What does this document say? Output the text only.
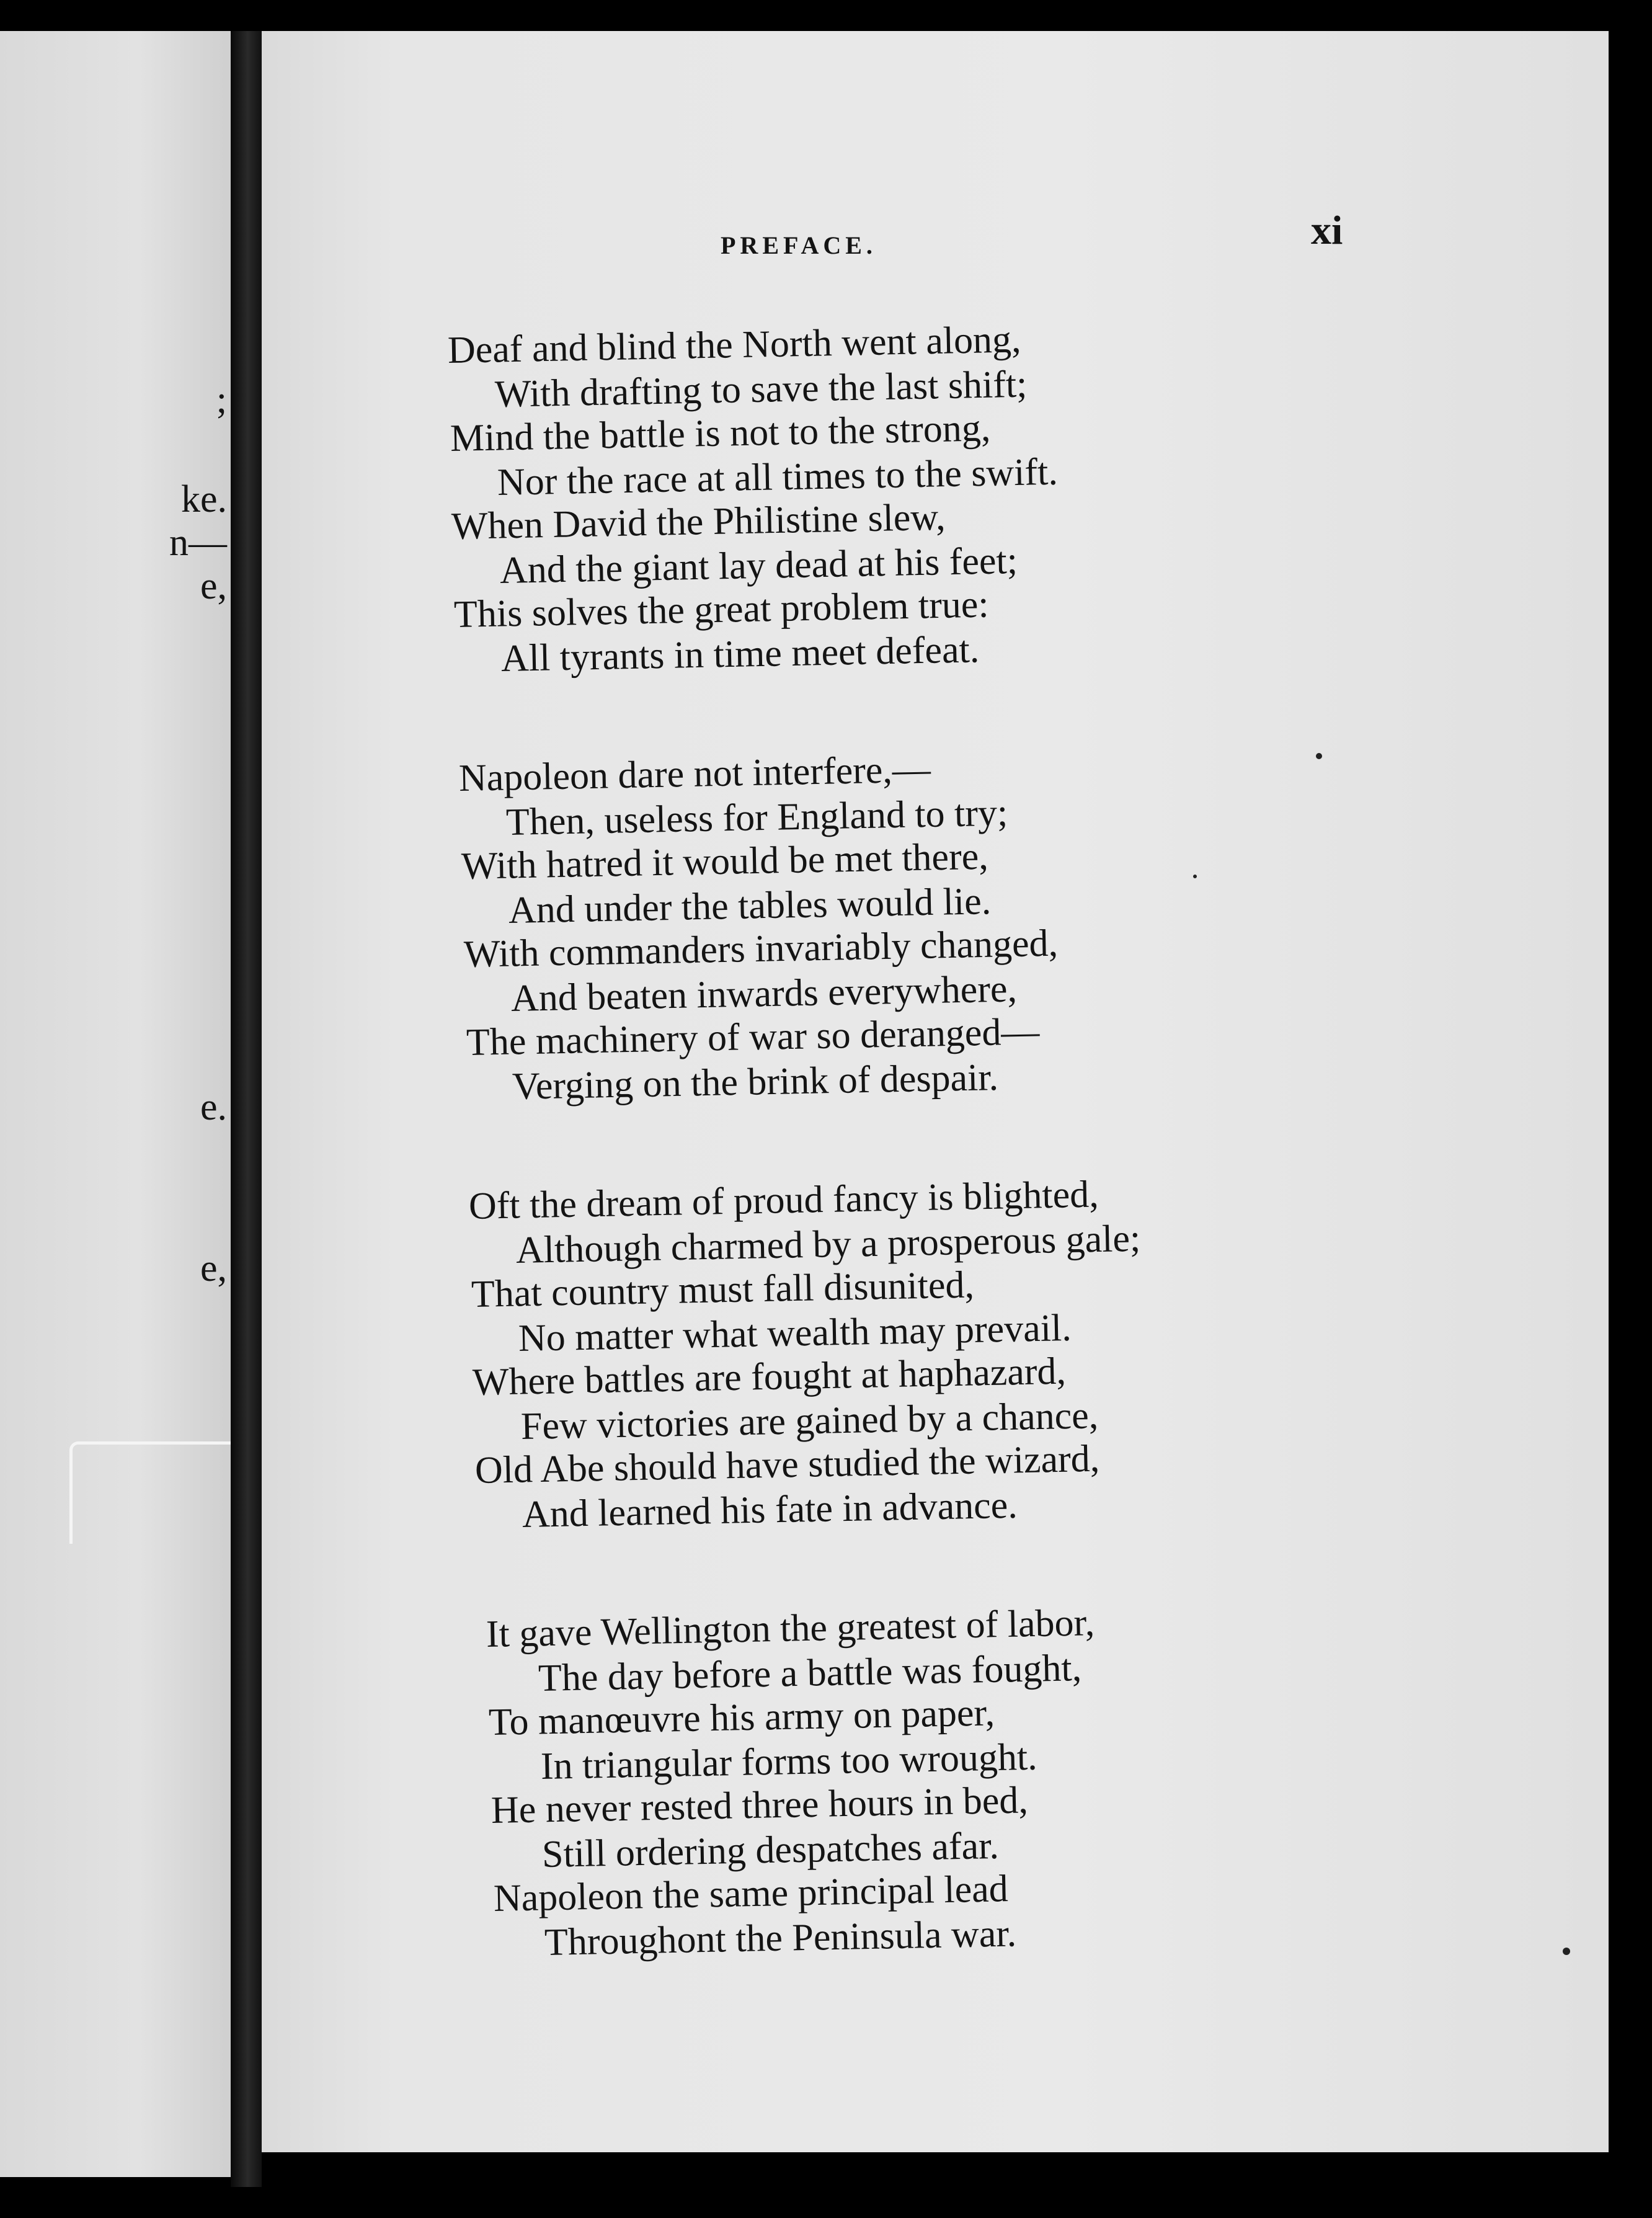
;
ke.
n—
e,
e.
e,
PREFACE.	xi
Deaf and blind the North went along,
With drafting to save the last shift;
Mind the battle is not to the strong,
Nor the race at all times to the swift.
When David the Philistine slew,
And the giant lay dead at his feet;
This solves the great problem true:
All tyrants in time meet defeat.
Napoleon dare not interfere,—
Then, useless for England to try;
With hatred it would be met there,
And under the tables would lie.
With commanders invariably changed,
And beaten inwards everywhere,
The machinery of war so deranged—
Verging on the brink of despair.
Oft the dream of proud fancy is blighted,
Although charmed by a prosperous gale;
That country must fall disunited,
No matter what wealth may prevail.
Where battles are fought at haphazard,
Few victories are gained by a chance,
Old Abe should have studied the wizard,
And learned his fate in advance.
It gave Wellington the greatest of labor,
The day before a battle was fought,
To manœuvre his army on paper,
In triangular forms too wrought.
He never rested three hours in bed,
Still ordering despatches afar.
Napoleon the same principal lead
Throughont the Peninsula war.
